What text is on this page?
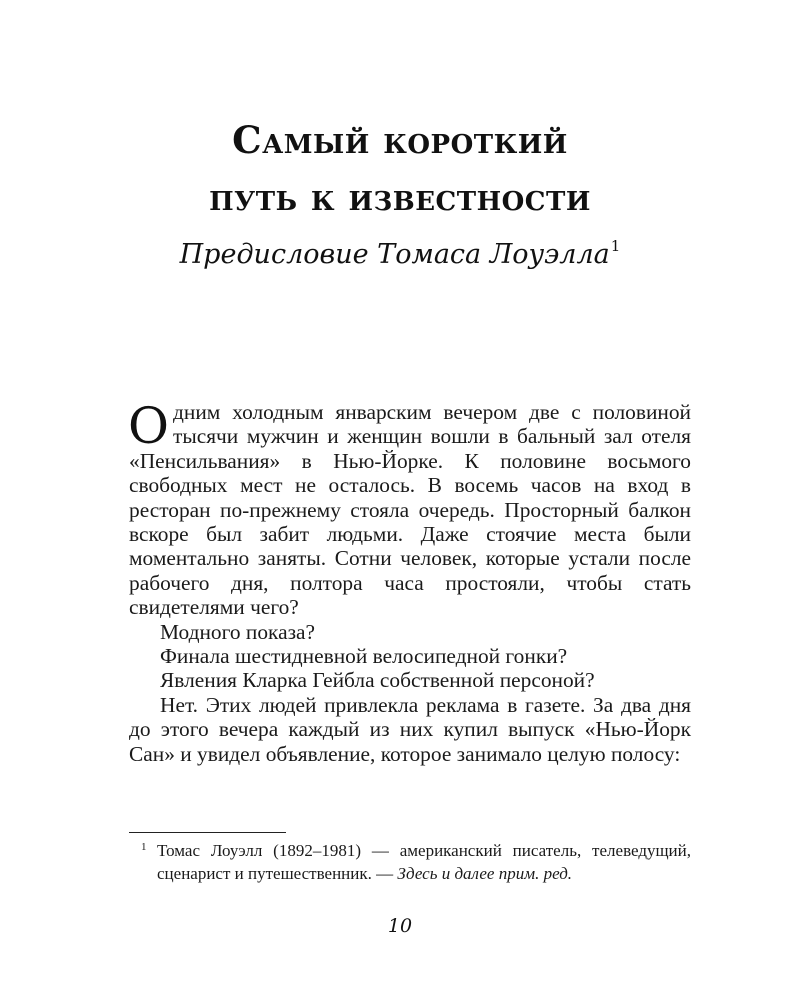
Самый короткий
путь к известности
Предисловие Томаса Лоуэлла$^1$

Одним холодным январским вечером две с половиной тысячи мужчин и женщин вошли в бальный зал отеля «Пенсильвания» в Нью-Йорке. К половине восьмого свободных мест не осталось. В восемь часов на вход в ресторан по-прежнему стояла очередь. Просторный балкон вскоре был забит людьми. Даже стоячие места были моментально заняты. Сотни человек, которые устали после рабочего дня, полтора часа простояли, чтобы стать свидетелями чего?

Модного показа?

Финала шестидневной велосипедной гонки?

Явления Кларка Гейбла собственной персоной?

Нет. Этих людей привлекла реклама в газете. За два дня до этого вечера каждый из них купил выпуск «Нью-Йорк Сан» и увидел объявление, которое занимало целую полосу:

1 Томас Лоуэлл (1892–1981) — американский писатель, телеведущий, сценарист и путешественник. — Здесь и далее прим. ред.
10
